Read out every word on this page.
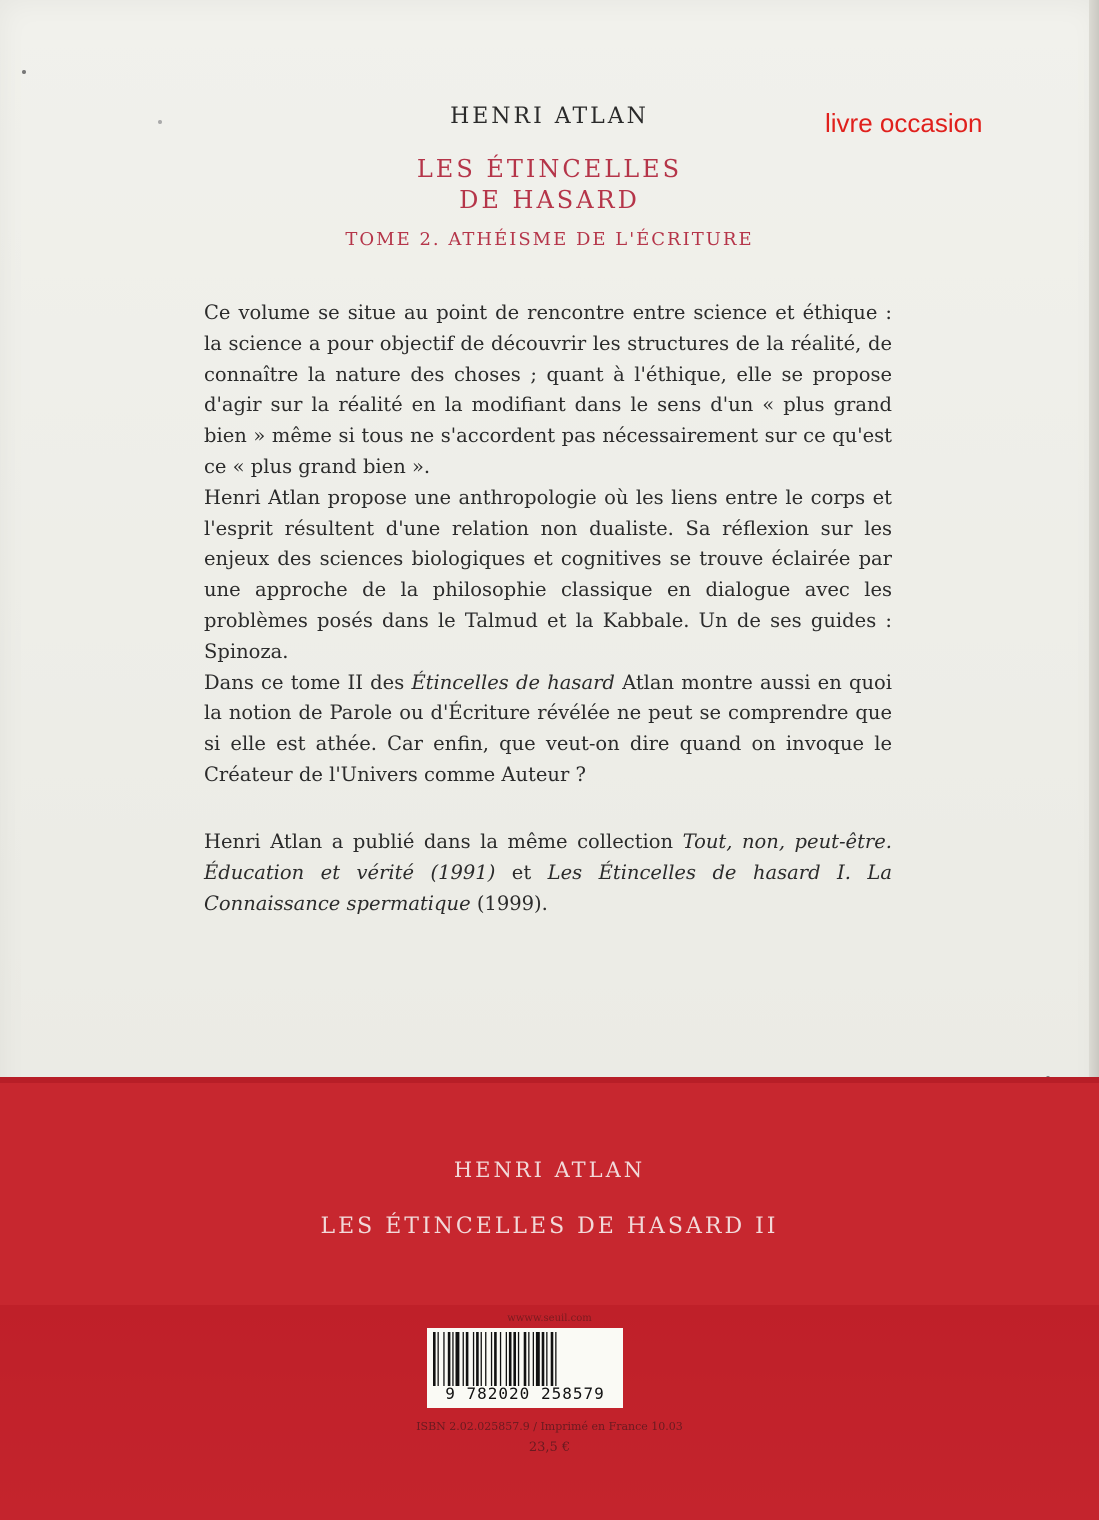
livre occasion
HENRI ATLAN
LES ÉTINCELLES
DE HASARD
TOME 2. ATHÉISME DE L'ÉCRITURE

Ce volume se situe au point de rencontre entre science et éthique : la science a pour objectif de découvrir les structures de la réalité, de connaître la nature des choses ; quant à l'éthique, elle se propose d'agir sur la réalité en la modifiant dans le sens d'un « plus grand bien » même si tous ne s'accordent pas nécessairement sur ce qu'est ce « plus grand bien ».

Henri Atlan propose une anthropologie où les liens entre le corps et l'esprit résultent d'une relation non dualiste. Sa réflexion sur les enjeux des sciences biologiques et cognitives se trouve éclairée par une approche de la philosophie classique en dialogue avec les problèmes posés dans le Talmud et la Kabbale. Un de ses guides : Spinoza.

Dans ce tome II des Étincelles de hasard Atlan montre aussi en quoi la notion de Parole ou d'Écriture révélée ne peut se comprendre que si elle est athée. Car enfin, que veut-on dire quand on invoque le Créateur de l'Univers comme Auteur ?

Henri Atlan a publié dans la même collection Tout, non, peut-être. Éducation et vérité (1991) et Les Étincelles de hasard I. La Connaissance spermatique (1999).

HENRI ATLAN
LES ÉTINCELLES DE HASARD II
wwww.seuil.com
9 782020 258579
ISBN 2.02.025857.9 / Imprimé en France 10.03
23,5 €
